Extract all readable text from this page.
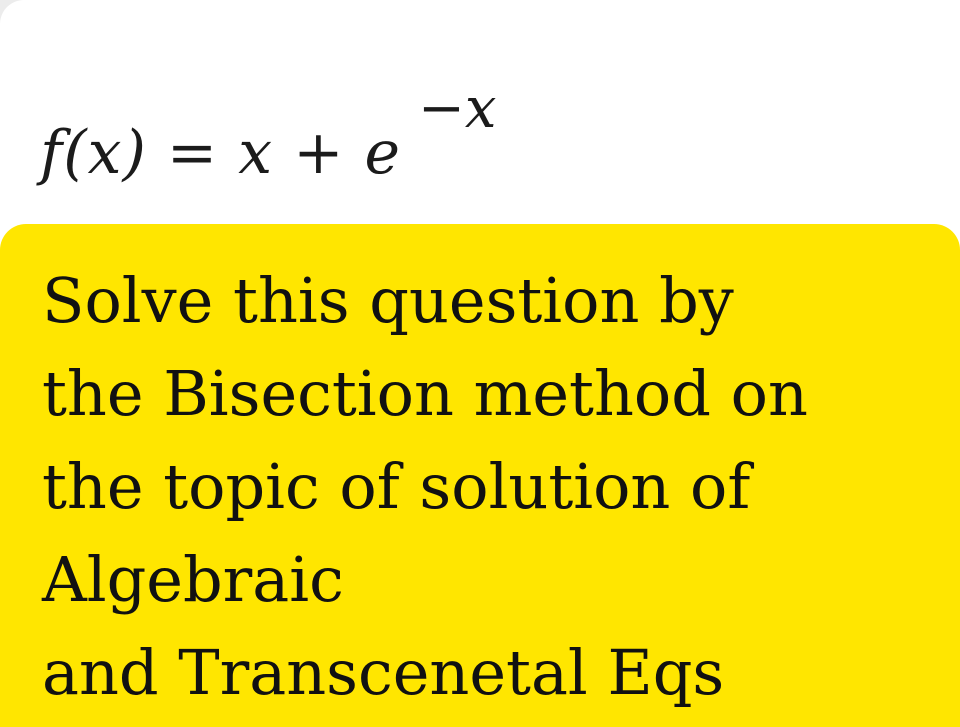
f(x) = x + e
−x

Solve this question by
the Bisection method on
the topic of solution of
Algebraic
and Transcenetal Eqs
